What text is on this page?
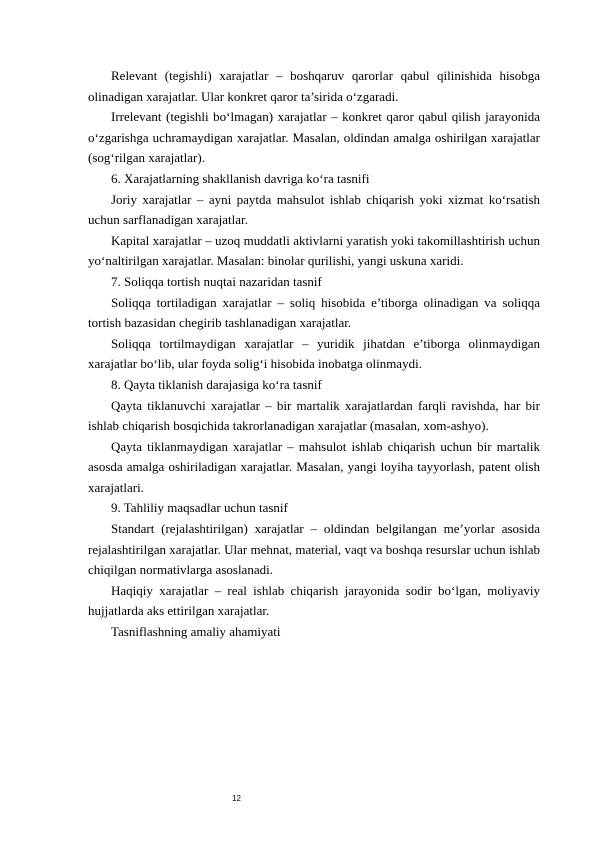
Relevant (tegishli) xarajatlar – boshqaruv qarorlar qabul qilinishida hisobga olinadigan xarajatlar. Ular konkret qaror ta’sirida o‘zgaradi.

Irrelevant (tegishli bo‘lmagan) xarajatlar – konkret qaror qabul qilish jarayonida o‘zgarishga uchramaydigan xarajatlar. Masalan, oldindan amalga oshirilgan xarajatlar (sog‘rilgan xarajatlar).

6. Xarajatlarning shakllanish davriga ko‘ra tasnifi

Joriy xarajatlar – ayni paytda mahsulot ishlab chiqarish yoki xizmat ko‘rsatish uchun sarflanadigan xarajatlar.

Kapital xarajatlar – uzoq muddatli aktivlarni yaratish yoki takomillashtirish uchun yo‘naltirilgan xarajatlar. Masalan: binolar qurilishi, yangi uskuna xaridi.

7. Soliqqa tortish nuqtai nazaridan tasnif

Soliqqa tortiladigan xarajatlar – soliq hisobida e’tiborga olinadigan va soliqqa tortish bazasidan chegirib tashlanadigan xarajatlar.

Soliqqa tortilmaydigan xarajatlar – yuridik jihatdan e’tiborga olinmaydigan xarajatlar bo‘lib, ular foyda solig‘i hisobida inobatga olinmaydi.

8. Qayta tiklanish darajasiga ko‘ra tasnif

Qayta tiklanuvchi xarajatlar – bir martalik xarajatlardan farqli ravishda, har bir ishlab chiqarish bosqichida takrorlanadigan xarajatlar (masalan, xom-ashyo).

Qayta tiklanmaydigan xarajatlar – mahsulot ishlab chiqarish uchun bir martalik asosda amalga oshiriladigan xarajatlar. Masalan, yangi loyiha tayyorlash, patent olish xarajatlari.

9. Tahliliy maqsadlar uchun tasnif

Standart (rejalashtirilgan) xarajatlar – oldindan belgilangan me’yorlar asosida rejalashtirilgan xarajatlar. Ular mehnat, material, vaqt va boshqa resurslar uchun ishlab chiqilgan normativlarga asoslanadi.

Haqiqiy xarajatlar – real ishlab chiqarish jarayonida sodir bo‘lgan, moliyaviy hujjatlarda aks ettirilgan xarajatlar.

Tasniflashning amaliy ahamiyati

12
